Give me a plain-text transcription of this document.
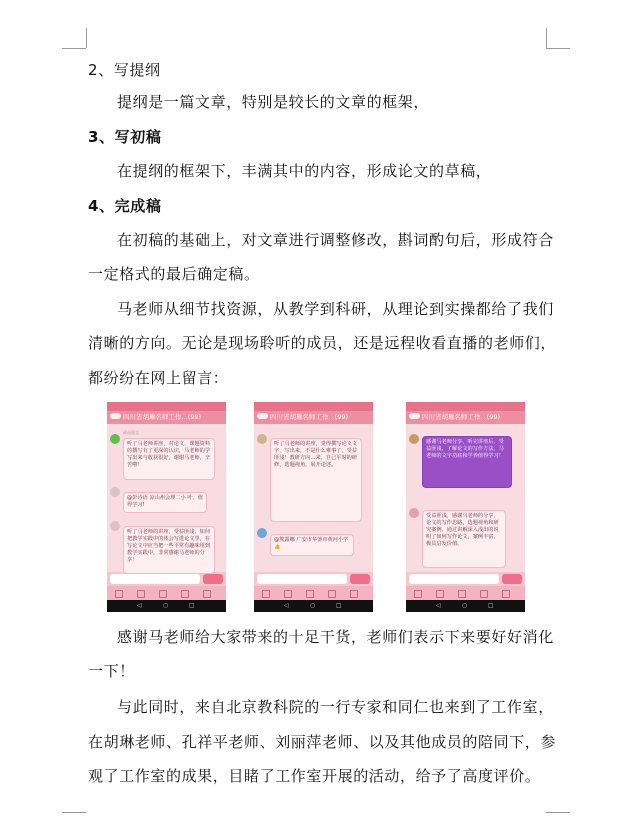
2、写提纲
提纲是一篇文章，特别是较长的文章的框架，
3、写初稿
在提纲的框架下，丰满其中的内容，形成论文的草稿，
4、完成稿
在初稿的基础上，对文章进行调整修改，斟词酌句后，形成符合
一定格式的最后确定稿。
马老师从细节找资源，从教学到科研，从理论到实操都给了我们
清晰的方向。无论是现场聆听的成员，还是远程收看直播的老师们，
都纷纷在网上留言：
四川省胡琳名师工作...(99)
成员留言
听了马老师讲座，对论文、课题资料的撰写有了更深的认识，马老师的学写出来与收获很好，谢谢马老师，辛苦啦！
@彭诗语 凉山州会理二小 叶，值得学习!
听了马老师的讲座，受益匪浅，如何把教学实践中的体会写进论文里，在写论文中应当把一些平常有趣味用到教学实践中，非常感谢马老师的分享！
◁	○	□
四川省胡琳名师工作...(99)
听了马老师的讲座，觉得撰写论文文字，写出来，不是什么难事了，受益匪浅！教研方向…来，自己平时的研修，选题视角，展开论述。
@熊露娜 广安市华蓥市黄河小学 👍
◁	○	□
四川省胡琳名师工作...(99)
感谢马老师分享，听完讲座后，受益匪浅，了解论文的写作方法。马老师的文字功底和学养值得学习！
受益匪浅，感谢马老师的分享，论文的写作思路，选题视角和研究案例，通过讲解深入浅出的说明了如何写作论文，案例丰富，极具启发价值。
◁	○	□
感谢马老师给大家带来的十足干货，老师们表示下来要好好消化
一下！
与此同时，来自北京教科院的一行专家和同仁也来到了工作室，
在胡琳老师、孔祥平老师、刘丽萍老师、以及其他成员的陪同下，参
观了工作室的成果，目睹了工作室开展的活动，给予了高度评价。
